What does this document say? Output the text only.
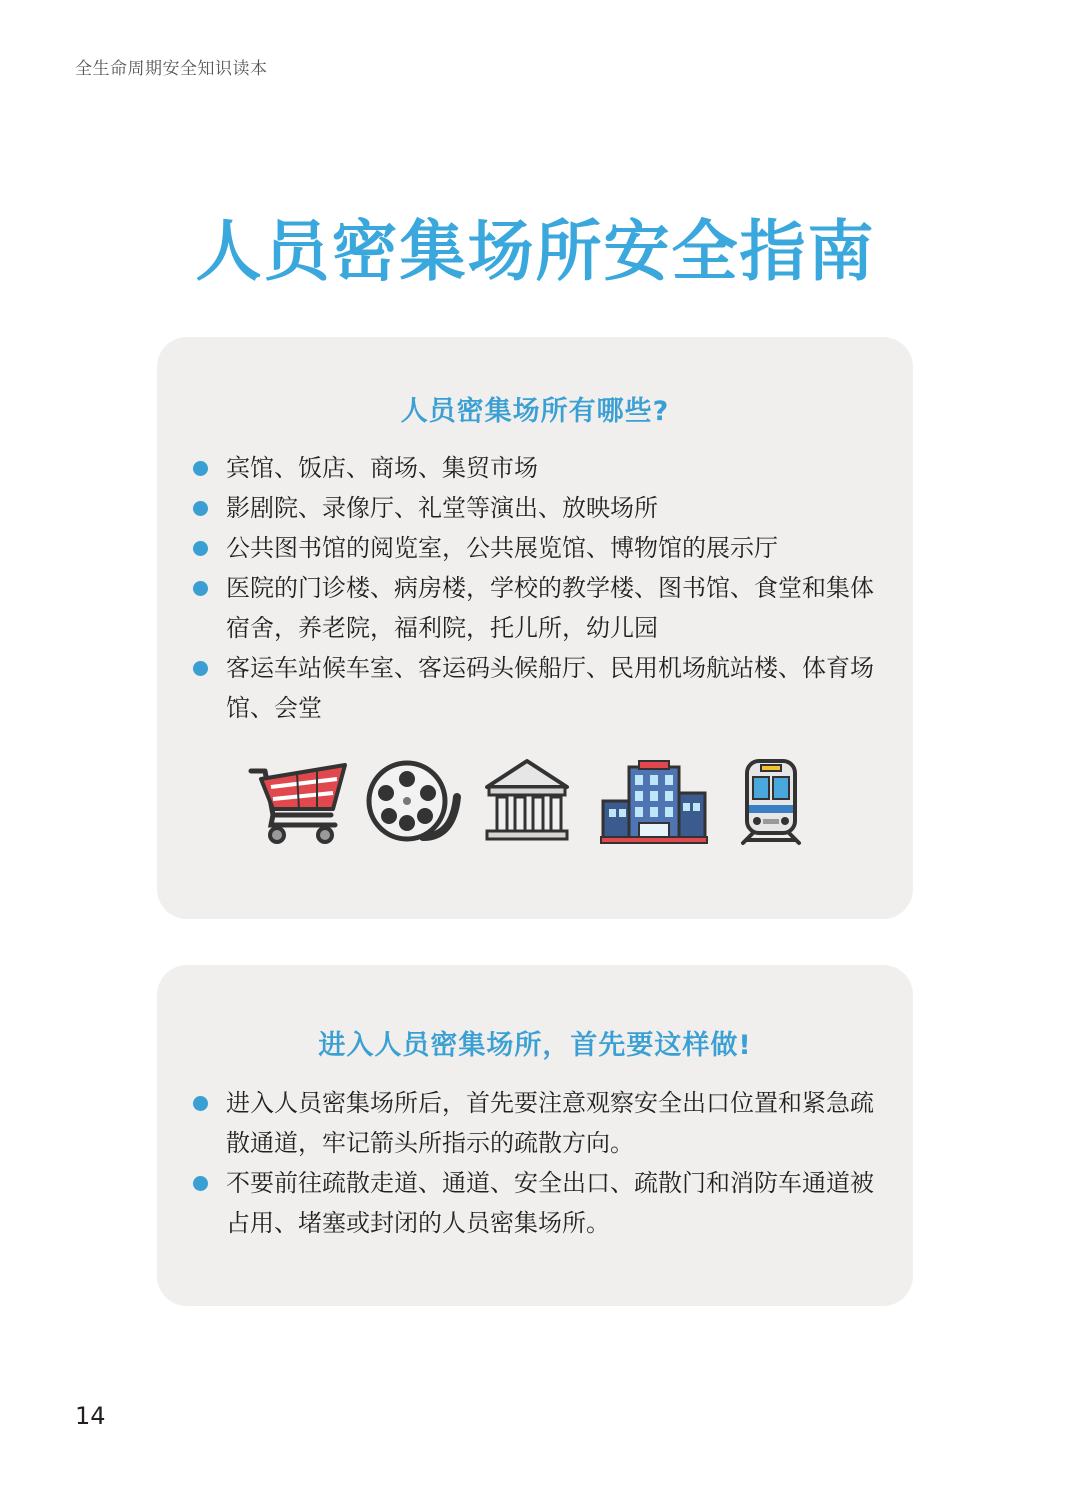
全生命周期安全知识读本
人员密集场所安全指南
人员密集场所有哪些?
宾馆、饭店、商场、集贸市场
影剧院、录像厅、礼堂等演出、放映场所
公共图书馆的阅览室，公共展览馆、博物馆的展示厅
医院的门诊楼、病房楼，学校的教学楼、图书馆、食堂和集体宿舍，养老院，福利院，托儿所，幼儿园
客运车站候车室、客运码头候船厅、民用机场航站楼、体育场馆、会堂
进入人员密集场所，首先要这样做!
进入人员密集场所后，首先要注意观察安全出口位置和紧急疏散通道，牢记箭头所指示的疏散方向。
不要前往疏散走道、通道、安全出口、疏散门和消防车通道被占用、堵塞或封闭的人员密集场所。
14
